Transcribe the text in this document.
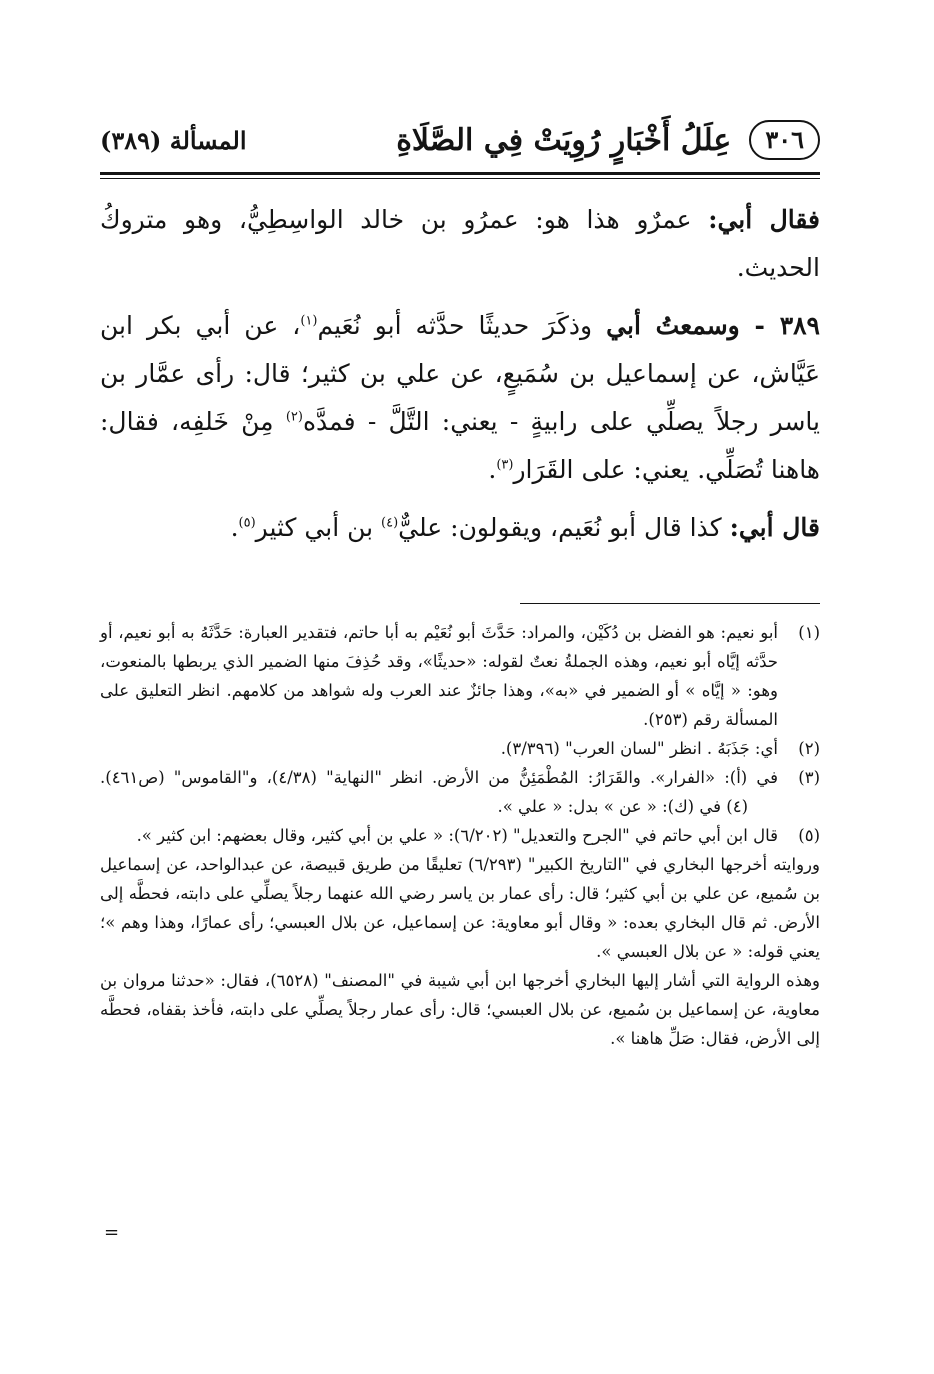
٣٠٦
عِلَلُ أَخْبَارٍ رُوِيَتْ فِي الصَّلَاةِ
المسألة (٣٨٩)

فقال أبي: عمرٌو هذا هو: عمرُو بن خالد الواسِطِيُّ، وهو متروكُ الحديث.

٣٨٩ - وسمعتُ أبي وذكَرَ حديثًا حدَّثه أبو نُعَيم$^{(١)}$، عن أبي بكر ابن عَيَّاش، عن إسماعيل بن سُمَيعٍ، عن علي بن كثير؛ قال: رأى عمَّار بن ياسر رجلاً يصلِّي على رابيةٍ - يعني: التَّلَّ - فمدَّه$^{(٢)}$ مِنْ خَلفِه، فقال: هاهنا تُصَلِّي. يعني: على القَرَار$^{(٣)}$.

قال أبي: كذا قال أبو نُعَيم، ويقولون: عليٌّ$^{(٤)}$ بن أبي كثير$^{(٥)}$.

(١)
أبو نعيم: هو الفضل بن دُكَيْن، والمراد: حَدَّثَ أبو نُعَيْم به أبا حاتم، فتقدير العبارة: حَدَّثَهُ به أبو نعيم، أو حدَّثه إيَّاه أبو نعيم، وهذه الجملةُ نعتٌ لقوله: «حديثًا»، وقد حُذِفَ منها الضمير الذي يربطها بالمنعوت، وهو: « إيَّاه » أو الضمير في «به»، وهذا جائزٌ عند العرب وله شواهد من كلامهم. انظر التعليق على المسألة رقم (٢٥٣).
(٢)
أي: جَذَبَهُ . انظر "لسان العرب" (٣/٣٩٦).
(٣)
في (أ): «الفرار». والقَرَارُ: المُطْمَئِنُّ من الأرض. انظر "النهاية" (٤/٣٨)، و"القاموس" (ص٤٦١). (٤) في (ك): « عن » بدل: « علي ».
(٥)
قال ابن أبي حاتم في "الجرح والتعديل" (٦/٢٠٢): « علي بن أبي كثير، وقال بعضهم: ابن كثير ».
وروايته أخرجها البخاري في "التاريخ الكبير" (٦/٢٩٣) تعليقًا من طريق قبيصة، عن عبدالواحد، عن إسماعيل بن سُميع، عن علي بن أبي كثير؛ قال: رأى عمار بن ياسر رضي الله عنهما رجلاً يصلِّي على دابته، فحطَّه إلى الأرض. ثم قال البخاري بعده: « وقال أبو معاوية: عن إسماعيل، عن بلال العبسي؛ رأى عمارًا، وهذا وهم »؛ يعني قوله: « عن بلال العبسي ».
وهذه الرواية التي أشار إليها البخاري أخرجها ابن أبي شيبة في "المصنف" (٦٥٢٨)، فقال: «حدثنا مروان بن معاوية، عن إسماعيل بن سُميع، عن بلال العبسي؛ قال: رأى عمار رجلاً يصلِّي على دابته، فأخذ بقفاه، فحطَّه إلى الأرض، فقال: صَلِّ هاهنا ».
=
